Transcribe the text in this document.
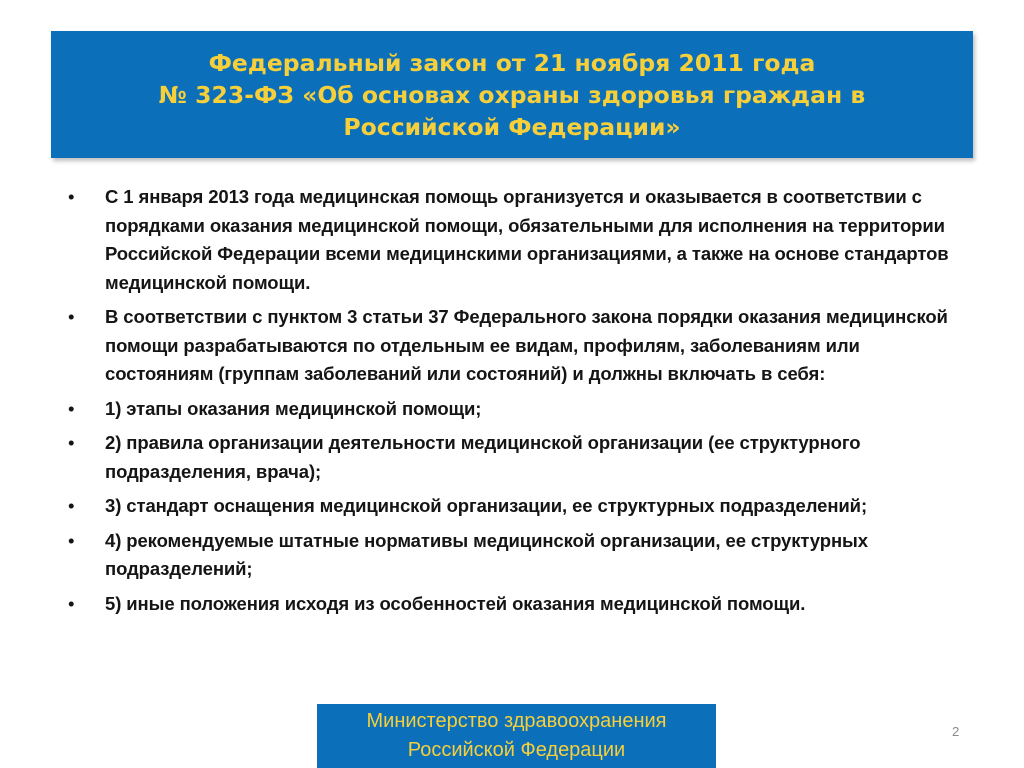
Федеральный закон от 21 ноября 2011 года
№ 323-ФЗ «Об основах охраны здоровья граждан в
Российской Федерации»
• С 1 января 2013 года медицинская помощь организуется и оказывается в соответствии с порядками оказания медицинской помощи, обязательными для исполнения на территории Российской Федерации всеми медицинскими организациями, а также на основе стандартов медицинской помощи.
• В соответствии с пунктом 3 статьи 37 Федерального закона порядки оказания медицинской помощи разрабатываются по отдельным ее видам, профилям, заболеваниям или состояниям (группам заболеваний или состояний) и должны включать в себя:
• 1) этапы оказания медицинской помощи;
• 2) правила организации деятельности медицинской организации (ее структурного подразделения, врача);
• 3) стандарт оснащения медицинской организации, ее структурных подразделений;
• 4) рекомендуемые штатные нормативы медицинской организации, ее структурных подразделений;
• 5) иные положения исходя из особенностей оказания медицинской помощи.
Министерство здравоохранения
Российской Федерации
2
